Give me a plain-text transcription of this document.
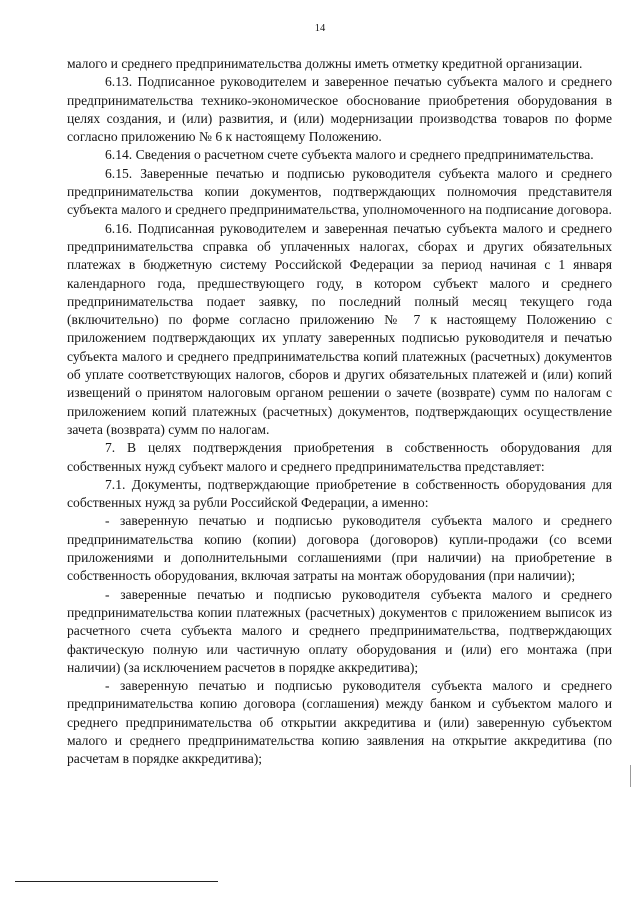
14

малого и среднего предпринимательства должны иметь отметку кредитной организации.

6.13. Подписанное руководителем и заверенное печатью субъекта малого и среднего предпринимательства технико-экономическое обоснование приобретения оборудования в целях создания, и (или) развития, и (или) модернизации производства товаров по форме согласно приложению № 6 к настоящему Положению.

6.14. Сведения о расчетном счете субъекта малого и среднего предпринимательства.

6.15. Заверенные печатью и подписью руководителя субъекта малого и среднего предпринимательства копии документов, подтверждающих полномочия представителя субъекта малого и среднего предпринимательства, уполномоченного на подписание договора.

6.16. Подписанная руководителем и заверенная печатью субъекта малого и среднего предпринимательства справка об уплаченных налогах, сборах и других обязательных платежах в бюджетную систему Российской Федерации за период начиная с 1 января календарного года, предшествующего году, в котором субъект малого и среднего предпринимательства подает заявку, по последний полный месяц текущего года (включительно) по форме согласно приложению № 7 к настоящему Положению с приложением подтверждающих их уплату заверенных подписью руководителя и печатью субъекта малого и среднего предпринимательства копий платежных (расчетных) документов об уплате соответствующих налогов, сборов и других обязательных платежей и (или) копий извещений о принятом налоговым органом решении о зачете (возврате) сумм по налогам с приложением копий платежных (расчетных) документов, подтверждающих осуществление зачета (возврата) сумм по налогам.

7. В целях подтверждения приобретения в собственность оборудования для собственных нужд субъект малого и среднего предпринимательства представляет:

7.1. Документы, подтверждающие приобретение в собственность оборудования для собственных нужд за рубли Российской Федерации, а именно:

- заверенную печатью и подписью руководителя субъекта малого и среднего предпринимательства копию (копии) договора (договоров) купли-продажи (со всеми приложениями и дополнительными соглашениями (при наличии) на приобретение в собственность оборудования, включая затраты на монтаж оборудования (при наличии);

- заверенные печатью и подписью руководителя субъекта малого и среднего предпринимательства копии платежных (расчетных) документов с приложением выписок из расчетного счета субъекта малого и среднего предпринимательства, подтверждающих фактическую полную или частичную оплату оборудования и (или) его монтажа (при наличии) (за исключением расчетов в порядке аккредитива);

- заверенную печатью и подписью руководителя субъекта малого и среднего предпринимательства копию договора (соглашения) между банком и субъектом малого и среднего предпринимательства об открытии аккредитива и (или) заверенную субъектом малого и среднего предпринимательства копию заявления на открытие аккредитива (по расчетам в порядке аккредитива);
